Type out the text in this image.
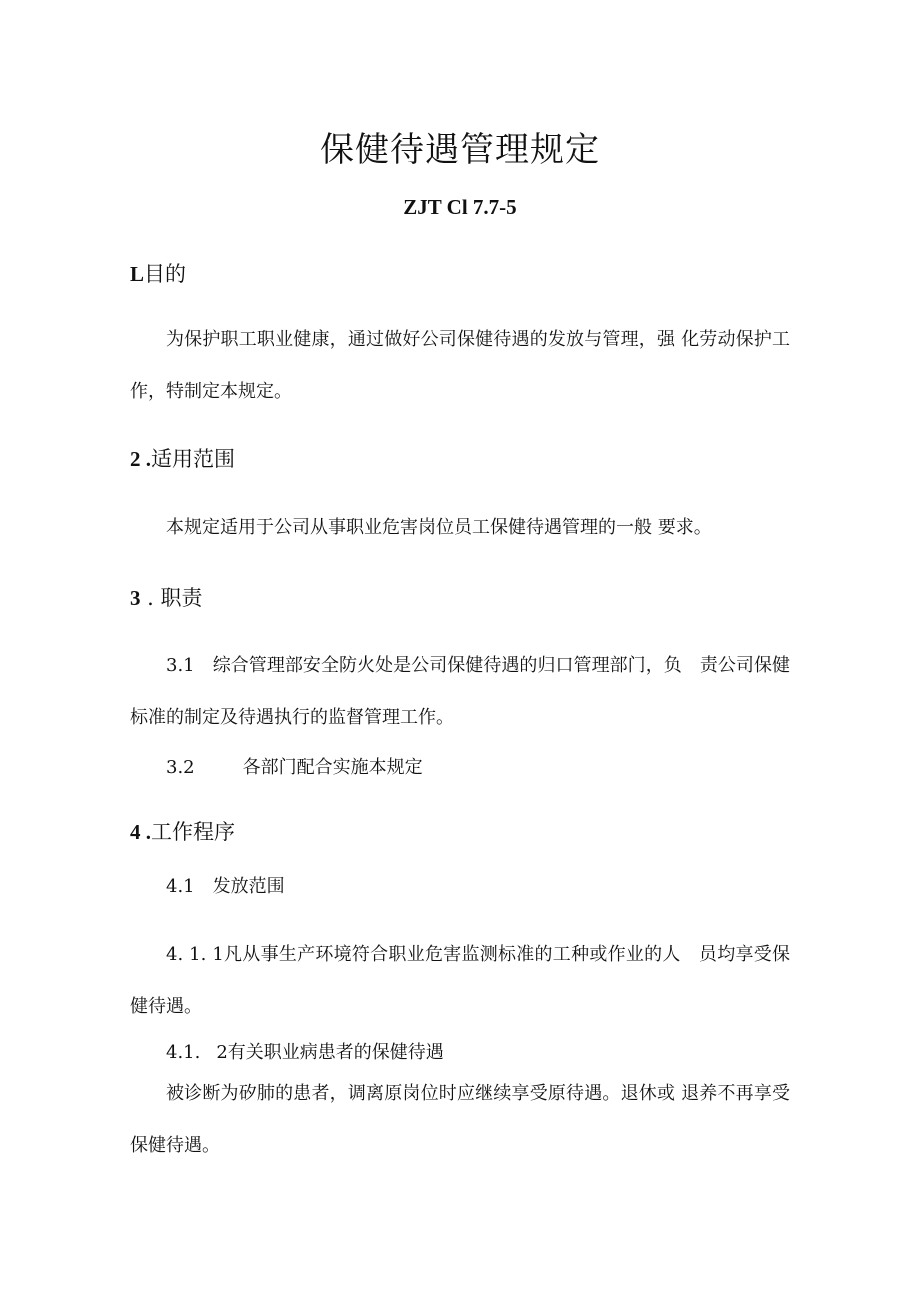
保健待遇管理规定
ZJT Cl 7.7-5
L目的
为保护职工职业健康，通过做好公司保健待遇的发放与管理，强 化劳动保护工作，特制定本规定。
2 .适用范围
本规定适用于公司从事职业危害岗位员工保健待遇管理的一般 要求。
3 . 职责
3.1　综合管理部安全防火处是公司保健待遇的归口管理部门，负　责公司保健标准的制定及待遇执行的监督管理工作。
3.2	各部门配合实施本规定
4 .工作程序
4.1 发放范围
4. 1. 1凡从事生产环境符合职业危害监测标准的工种或作业的人　员均享受保健待遇。
4.1. 2有关职业病患者的保健待遇
被诊断为矽肺的患者，调离原岗位时应继续享受原待遇。退休或 退养不再享受保健待遇。
